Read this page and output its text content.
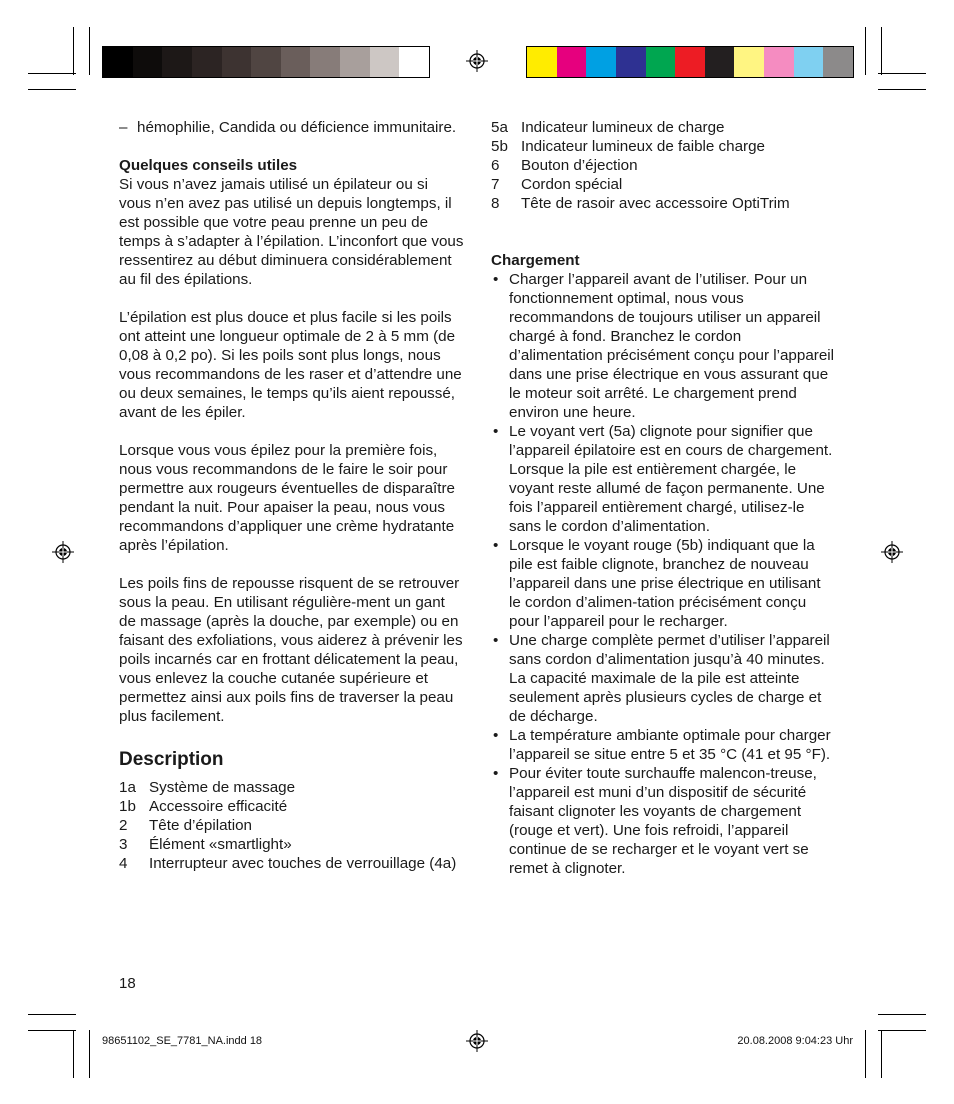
– hémophilie, Candida ou déficience immunitaire.

Quelques conseils utiles

Si vous n’avez jamais utilisé un épilateur ou si vous n’en avez pas utilisé un depuis longtemps, il est possible que votre peau prenne un peu de temps à s’adapter à l’épilation. L’inconfort que vous ressentirez au début diminuera considérablement au fil des épilations.

L’épilation est plus douce et plus facile si les poils ont atteint une longueur optimale de 2 à 5 mm (de 0,08 à 0,2 po). Si les poils sont plus longs, nous vous recommandons de les raser et d’attendre une ou deux semaines, le temps qu’ils aient repoussé, avant de les épiler.

Lorsque vous vous épilez pour la première fois, nous vous recommandons de le faire le soir pour permettre aux rougeurs éventuelles de disparaître pendant la nuit. Pour apaiser la peau, nous vous recommandons d’appliquer une crème hydratante après l’épilation.

Les poils fins de repousse risquent de se retrouver sous la peau. En utilisant régulière-ment un gant de massage (après la douche, par exemple) ou en faisant des exfoliations, vous aiderez à prévenir les poils incarnés car en frottant délicatement la peau, vous enlevez la couche cutanée supérieure et permettez ainsi aux poils fins de traverser la peau plus facilement.

Description

1a Système de massage

1b Accessoire efficacité

2 Tête d’épilation

3 Élément «smartlight»

4 Interrupteur avec touches de verrouillage (4a)

18

5a Indicateur lumineux de charge

5b Indicateur lumineux de faible charge

6 Bouton d’éjection

7 Cordon spécial

8 Tête de rasoir avec accessoire OptiTrim

Chargement

• Charger l’appareil avant de l’utiliser. Pour un fonctionnement optimal, nous vous recommandons de toujours utiliser un appareil chargé à fond. Branchez le cordon d’alimentation précisément conçu pour l’appareil dans une prise électrique en vous assurant que le moteur soit arrêté. Le chargement prend environ une heure.

• Le voyant vert (5a) clignote pour signifier que l’appareil épilatoire est en cours de chargement. Lorsque la pile est entièrement chargée, le voyant reste allumé de façon permanente. Une fois l’appareil entièrement chargé, utilisez-le sans le cordon d’alimentation.

• Lorsque le voyant rouge (5b) indiquant que la pile est faible clignote, branchez de nouveau l’appareil dans une prise électrique en utilisant le cordon d’alimen-tation précisément conçu pour l’appareil pour le recharger.

• Une charge complète permet d’utiliser l’appareil sans cordon d’alimentation jusqu’à 40 minutes. La capacité maximale de la pile est atteinte seulement après plusieurs cycles de charge et de décharge.

• La température ambiante optimale pour charger l’appareil se situe entre 5 et 35 °C (41 et 95 °F).

• Pour éviter toute surchauffe malencon-treuse, l’appareil est muni d’un dispositif de sécurité faisant clignoter les voyants de chargement (rouge et vert). Une fois refroidi, l’appareil continue de se recharger et le voyant vert se remet à clignoter.

98651102_SE_7781_NA.indd 18	20.08.2008 9:04:23 Uhr
